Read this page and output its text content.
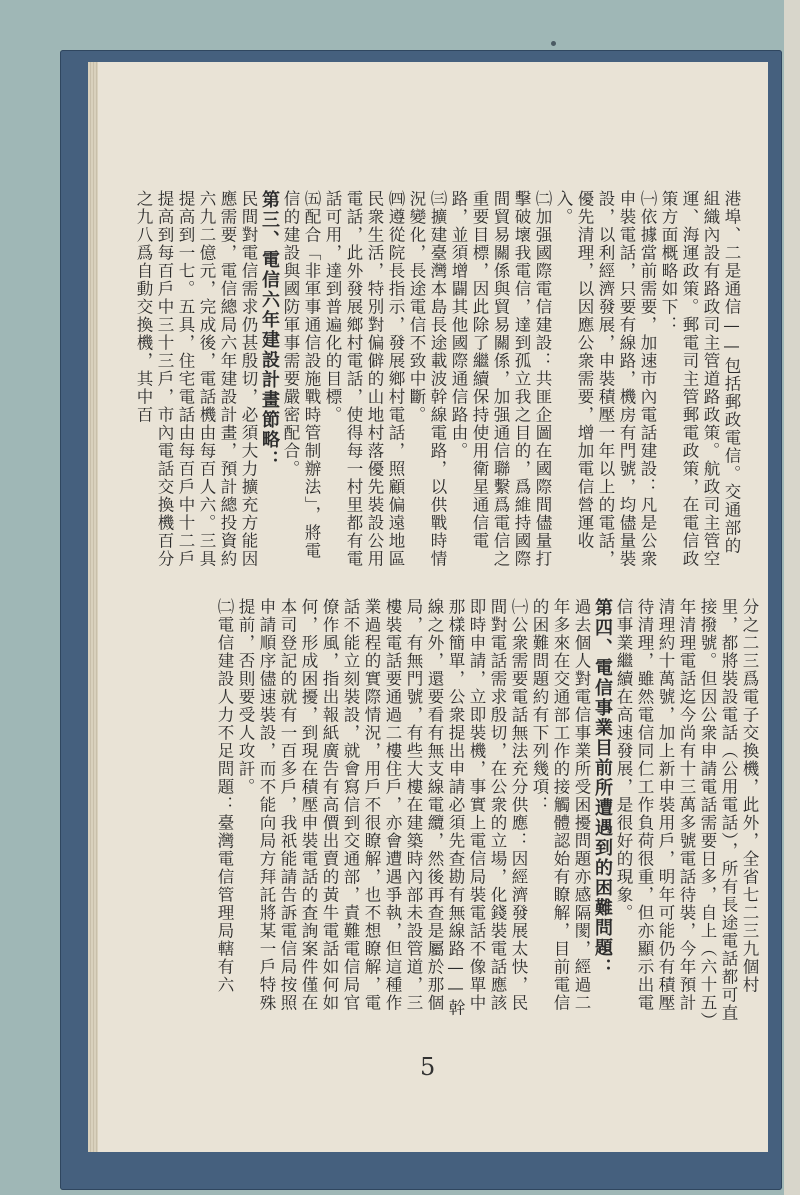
港埠、二是通信——包括郵政電信。交通部的組織內設有路政司主管道路政策。航政司主管空運、海運政策。郵電司主管郵電政策，在電信政策方面概略如下：

㈠依據當前需要，加速市內電話建設：凡是公衆申裝電話，只要有線路，機房有門號，均儘量裝設，以利經濟發展，申裝積壓一年以上的電話，優先清理，以因應公衆需要，增加電信營運收入。

㈡加强國際電信建設：共匪企圖在國際間儘量打擊破壞我電信，達到孤立我之目的，爲維持國際間貿易關係與貿易關係，加强通信聯繫爲電信之重要目標，因此除了繼續保持使用衛星通信電路，並須增闢其他國際通信路由。

㈢擴建臺灣本島長途載波幹線電路，以供戰時情況變化，長途電信不致中斷。

㈣遵從院長指示，發展鄉村電話，照顧偏遠地區民衆生活，特別對偏僻的山地村落優先裝設公用電話，此外發展鄉村電話，使得每一村里都有電話可用，達到普遍化的目標。

㈤配合「非軍事通信設施戰時管制辦法」，將電信的建設與國防軍事需要嚴密配合。

第三、電信六年建設計畫節略：

民間對電信需求仍甚殷切，必須大力擴充方能因應需要，電信總局六年建設計畫，預計總投資約六九二億元，完成後，電話機由每百人六。三具提高到一七。五具，住宅電話由每百戶中十二戶提高到每百戶中三十三戶，市內電話交換機百分之九八爲自動交換機，其中百

分之二三爲電子交換機，此外，全省七二三九個村里，都將裝設電話（公用電話），所有長途電話都可直接撥號。但因公衆申請電話需要日多，自上（六十五）年清理電話迄今尚有十三萬多號電話待裝，今年預計清理約十萬號，加上新申裝用戶，明年可能仍有積壓待清理，雖然電信同仁工作負荷很重，但亦顯示出電信事業繼續在高速發展，是很好的現象。

第四、電信事業目前所遭遇到的困難問題：

過去個人對電信事業所受困擾問題亦感隔閡，經過二年多來在交通部工作的接觸體認始有瞭解，目前電信的困難問題約有下列幾項：

㈠公衆需要電話無法充分供應：因經濟發展太快，民間對電話需求殷切，在公衆的立場，化錢裝電話應該即時申請，立即裝機，事實上電信局裝電話不像單中那樣簡單，公衆提出申請必須先查勘有無線路——幹線之外，還要看有無支線電纜，然後再查是屬於那個局，有無門號，有些大樓在建築時內部未設管道，三樓裝電話要通過二樓住戶，亦會遭遇爭執，但這種作業過程的實際情況，用戶不很瞭解，也不想瞭解，電話不能立刻裝設，就會寫信到交通部，責難電信局官僚作風，指出報紙廣告有高價出賣的黃牛電話如何如何，形成困擾，到現在積壓申裝電話的査詢案件僅在本司登記的就有一百多戶，我祇能請告訴電信局按照申請順序儘速裝設，而不能向局方拜託將某一戶特殊提前，否則要受人攻訐。

㈡電信建設人力不足問題：臺灣電信管理局轄有六

5
